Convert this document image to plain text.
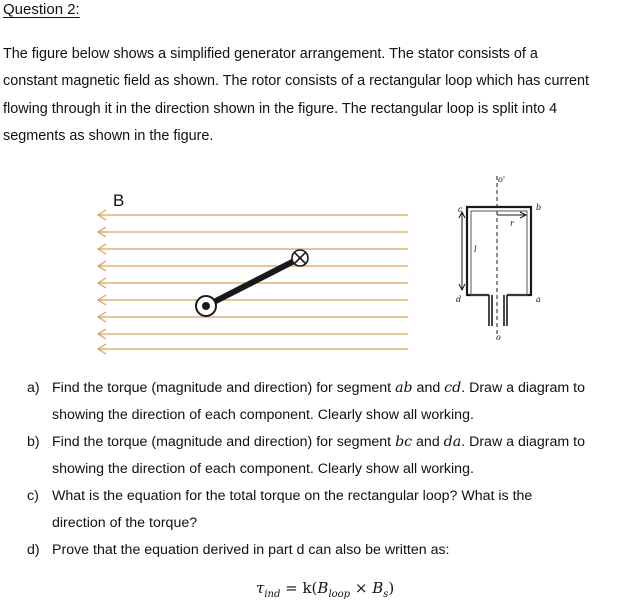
Question 2:
The figure below shows a simplified generator arrangement. The stator consists of a
constant magnetic field as shown. The rotor consists of a rectangular loop which has current
flowing through it in the direction shown in the figure. The rectangular loop is split into 4
segments as shown in the figure.
B
o'
c	b
r
l
d	a
o
a) Find the torque (magnitude and direction) for segment ab and cd. Draw a diagram to
showing the direction of each component. Clearly show all working.
b) Find the torque (magnitude and direction) for segment bc and da. Draw a diagram to
showing the direction of each component. Clearly show all working.
c) What is the equation for the total torque on the rectangular loop? What is the
direction of the torque?
d) Prove that the equation derived in part d can also be written as:
$\tau_{ind} = k(B_{loop} \times B_s)$
